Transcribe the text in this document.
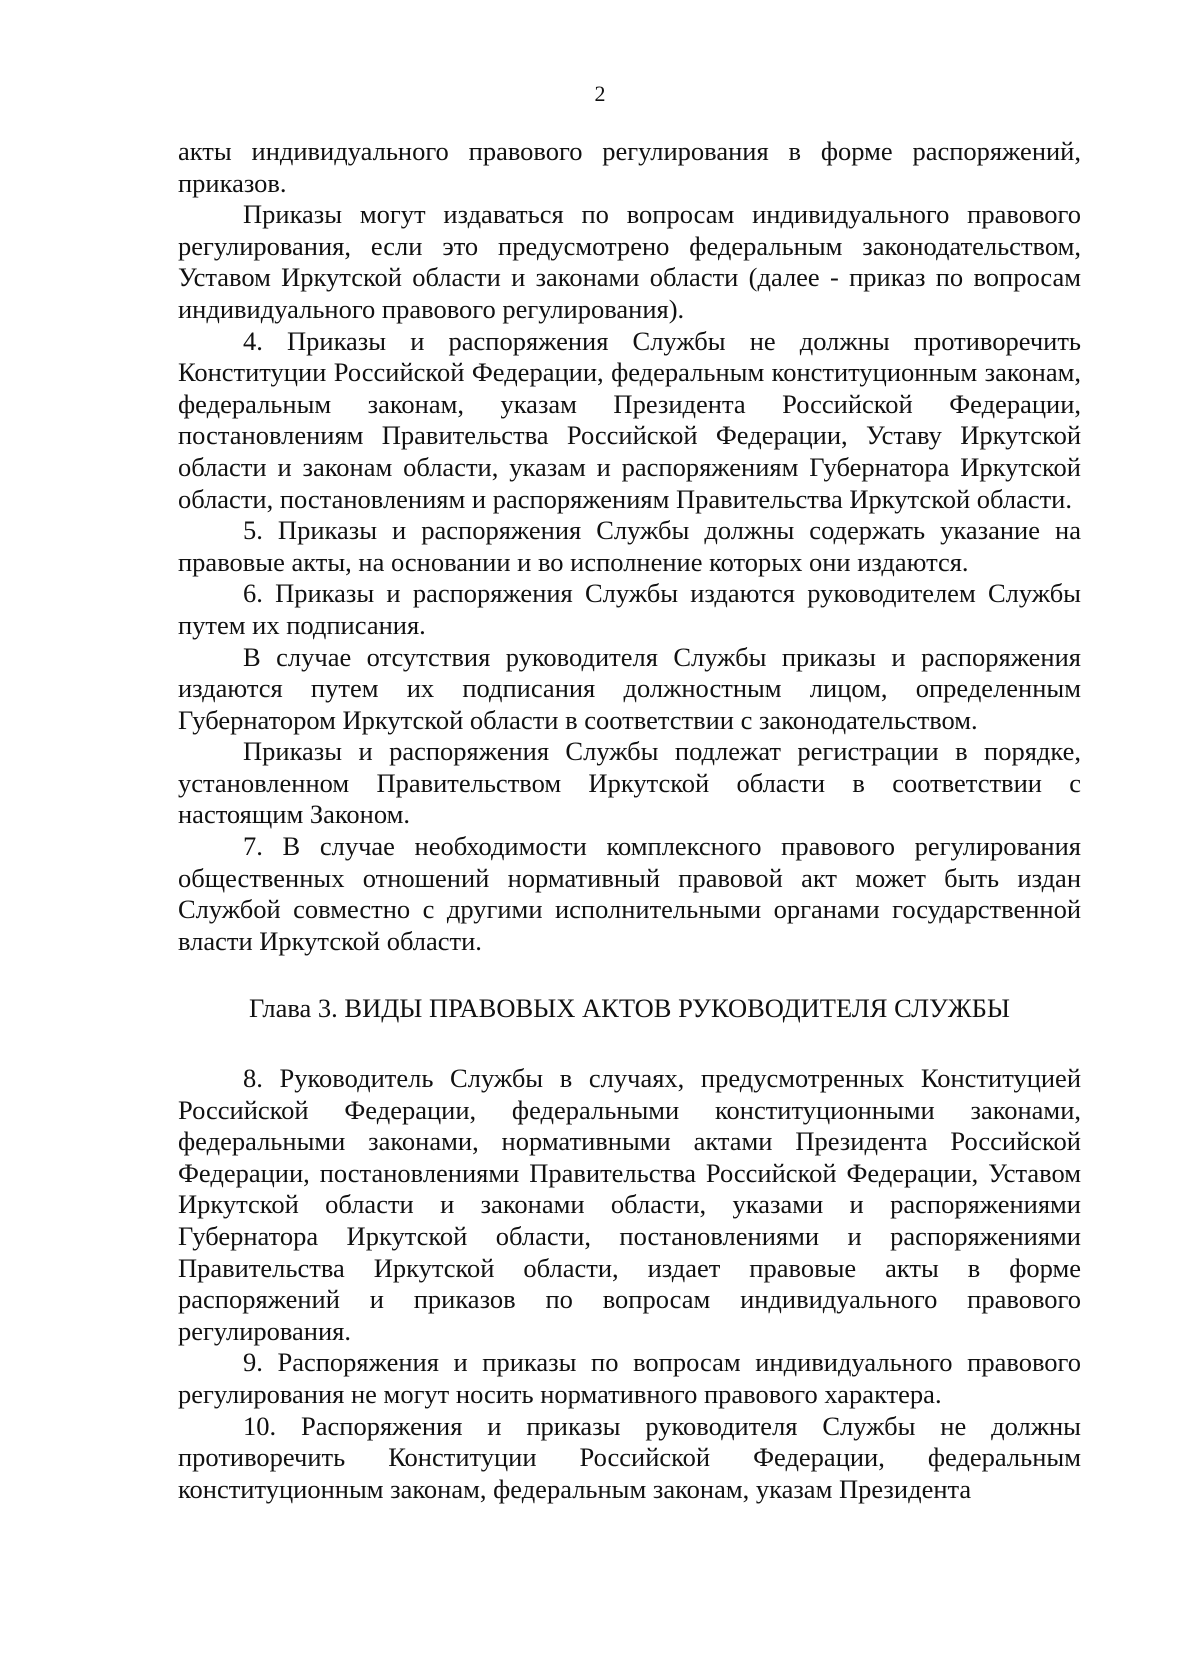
2

акты индивидуального правового регулирования в форме распоряжений, приказов.

Приказы могут издаваться по вопросам индивидуального правового регулирования, если это предусмотрено федеральным законодательством, Уставом Иркутской области и законами области (далее - приказ по вопросам индивидуального правового регулирования).

4. Приказы и распоряжения Службы не должны противоречить Конституции Российской Федерации, федеральным конституционным законам, федеральным законам, указам Президента Российской Федерации, постановлениям Правительства Российской Федерации, Уставу Иркутской области и законам области, указам и распоряжениям Губернатора Иркутской области, постановлениям и распоряжениям Правительства Иркутской области.

5. Приказы и распоряжения Службы должны содержать указание на правовые акты, на основании и во исполнение которых они издаются.

6. Приказы и распоряжения Службы издаются руководителем Службы путем их подписания.

В случае отсутствия руководителя Службы приказы и распоряжения издаются путем их подписания должностным лицом, определенным Губернатором Иркутской области в соответствии с законодательством.

Приказы и распоряжения Службы подлежат регистрации в порядке, установленном Правительством Иркутской области в соответствии с настоящим Законом.

7. В случае необходимости комплексного правового регулирования общественных отношений нормативный правовой акт может быть издан Службой совместно с другими исполнительными органами государственной власти Иркутской области.

Глава 3. ВИДЫ ПРАВОВЫХ АКТОВ РУКОВОДИТЕЛЯ СЛУЖБЫ

8. Руководитель Службы в случаях, предусмотренных Конституцией Российской Федерации, федеральными конституционными законами, федеральными законами, нормативными актами Президента Российской Федерации, постановлениями Правительства Российской Федерации, Уставом Иркутской области и законами области, указами и распоряжениями Губернатора Иркутской области, постановлениями и распоряжениями Правительства Иркутской области, издает правовые акты в форме распоряжений и приказов по вопросам индивидуального правового регулирования.

9. Распоряжения и приказы по вопросам индивидуального правового регулирования не могут носить нормативного правового характера.

10. Распоряжения и приказы руководителя Службы не должны противоречить Конституции Российской Федерации, федеральным конституционным законам, федеральным законам, указам Президента
